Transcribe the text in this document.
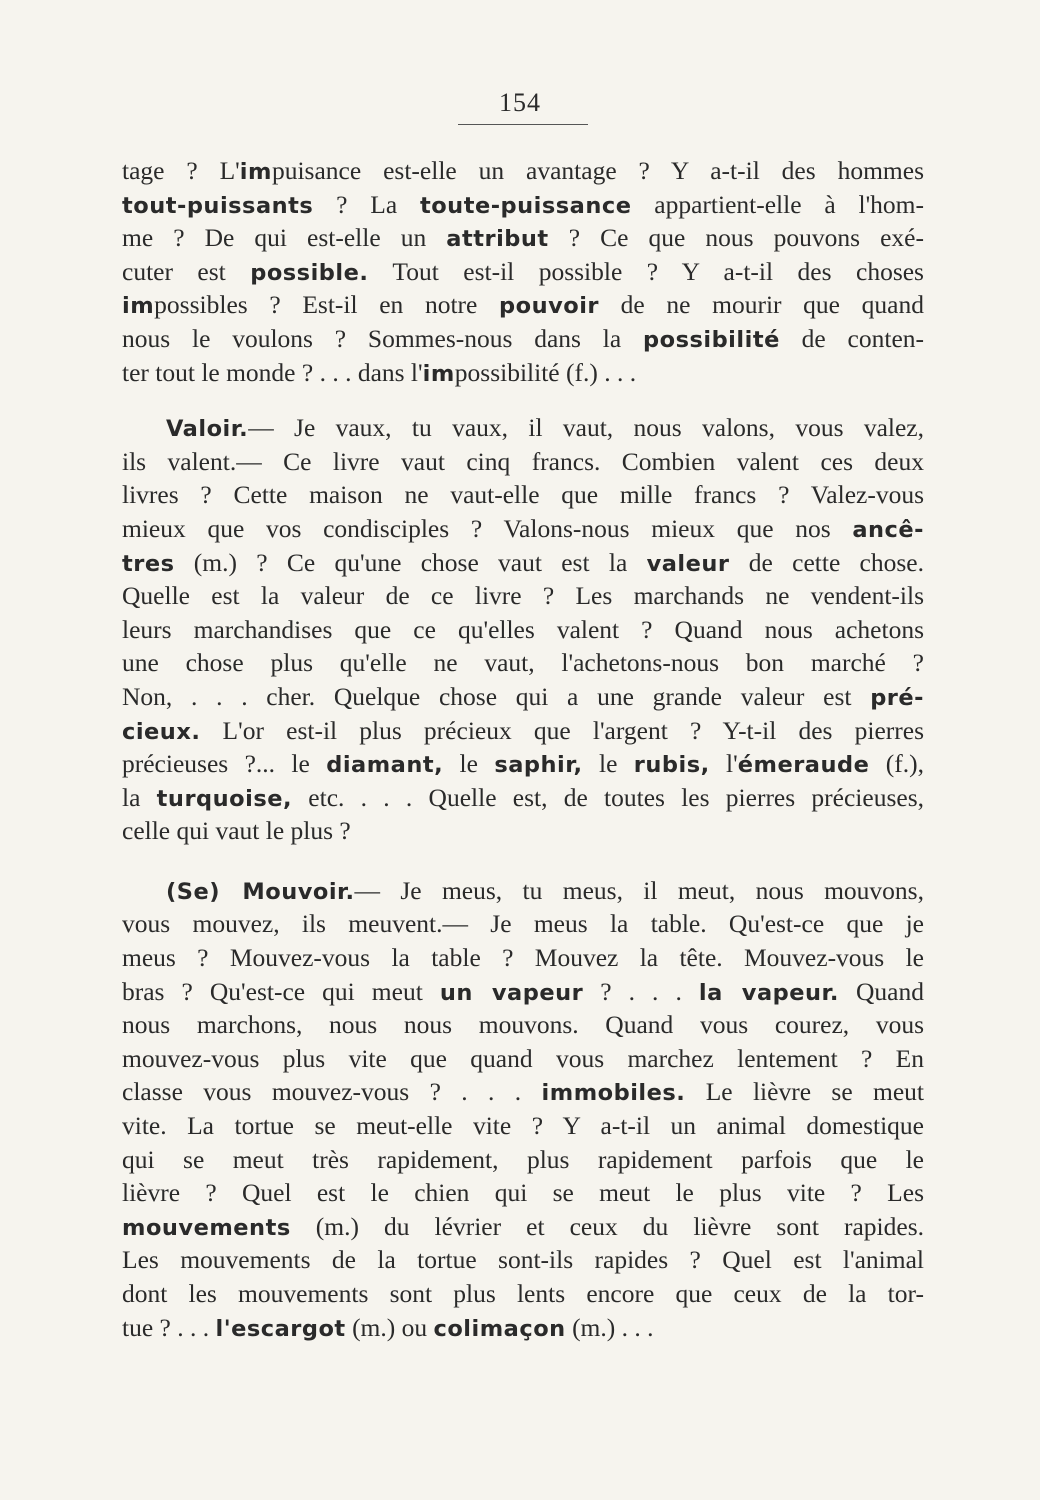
154
tage ? L'impuisance est-elle un avantage ? Y a-t-il des hommes
tout-puissants ? La toute-puissance appartient-elle à l'hom-
me ? De qui est-elle un attribut ? Ce que nous pouvons exé-
cuter est possible. Tout est-il possible ? Y a-t-il des choses
impossibles ? Est-il en notre pouvoir de ne mourir que quand
nous le voulons ? Sommes-nous dans la possibilité de conten-
ter tout le monde ? . . . dans l'impossibilité (f.) . . .
Valoir.— Je vaux, tu vaux, il vaut, nous valons, vous valez,
ils valent.— Ce livre vaut cinq francs. Combien valent ces deux
livres ? Cette maison ne vaut-elle que mille francs ? Valez-vous
mieux que vos condisciples ? Valons-nous mieux que nos ancê-
tres (m.) ? Ce qu'une chose vaut est la valeur de cette chose.
Quelle est la valeur de ce livre ? Les marchands ne vendent-ils
leurs marchandises que ce qu'elles valent ? Quand nous achetons
une chose plus qu'elle ne vaut, l'achetons-nous bon marché ?
Non, . . . cher. Quelque chose qui a une grande valeur est pré-
cieux. L'or est-il plus précieux que l'argent ? Y-t-il des pierres
précieuses ?... le diamant, le saphir, le rubis, l'émeraude (f.),
la turquoise, etc. . . . Quelle est, de toutes les pierres précieuses,
celle qui vaut le plus ?
(Se) Mouvoir.— Je meus, tu meus, il meut, nous mouvons,
vous mouvez, ils meuvent.— Je meus la table. Qu'est-ce que je
meus ? Mouvez-vous la table ? Mouvez la tête. Mouvez-vous le
bras ? Qu'est-ce qui meut un vapeur ? . . . la vapeur. Quand
nous marchons, nous nous mouvons. Quand vous courez, vous
mouvez-vous plus vite que quand vous marchez lentement ? En
classe vous mouvez-vous ? . . . immobiles. Le lièvre se meut
vite. La tortue se meut-elle vite ? Y a-t-il un animal domestique
qui se meut très rapidement, plus rapidement parfois que le
lièvre ? Quel est le chien qui se meut le plus vite ? Les
mouvements (m.) du lévrier et ceux du lièvre sont rapides.
Les mouvements de la tortue sont-ils rapides ? Quel est l'animal
dont les mouvements sont plus lents encore que ceux de la tor-
tue ? . . . l'escargot (m.) ou colimaçon (m.) . . .
